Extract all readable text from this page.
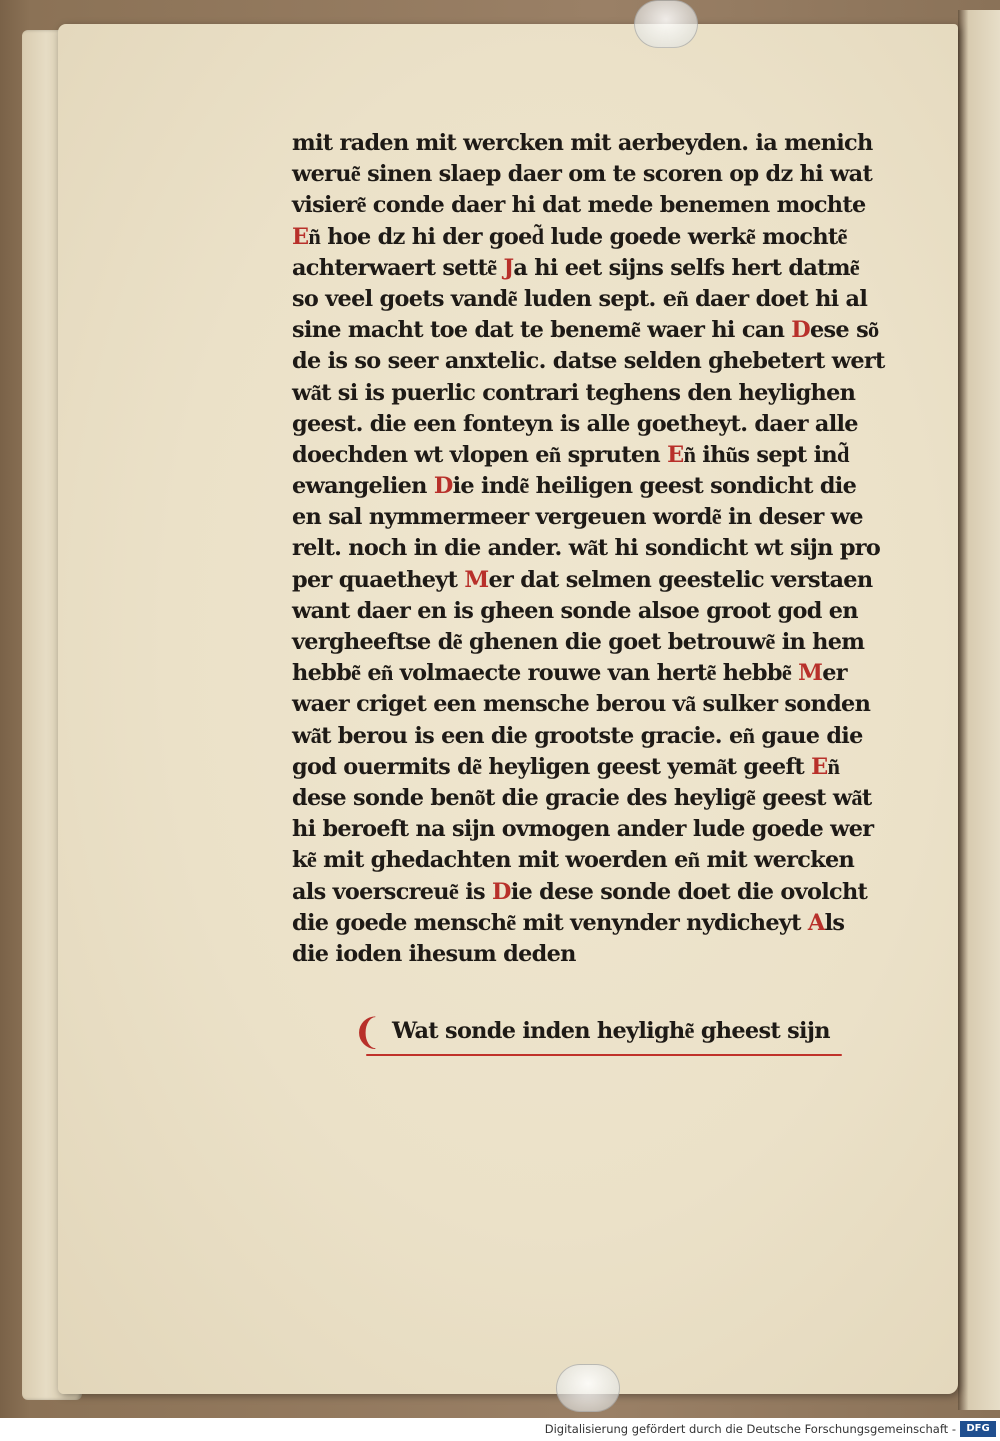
mit raden mit wercken mit aerbeyden. ia menich
werue͂ sinen slaep daer om te scoren op dz hi wat
visiere͂ conde daer hi dat mede benemen mochte
En͂ hoe dz hi der goed͂ lude goede werke͂ mochte͂
achterwaert sette͂ Ja hi eet sijns selfs hert datme͂
so veel goets vande͂ luden sept. en͂ daer doet hi al
sine macht toe dat te beneme͂ waer hi can Dese so͂
de is so seer anxtelic. datse selden ghebetert wert
wa͂t si is puerlic contrari teghens den heylighen
geest. die een fonteyn is alle goetheyt. daer alle
doechden wt vlopen en͂ spruten En͂ ihu͂s sept ind͂
ewangelien Die inde͂ heiligen geest sondicht die
en sal nymmermeer vergeuen worde͂ in deser we
relt. noch in die ander. wa͂t hi sondicht wt sijn pro
per quaetheyt Mer dat selmen geestelic verstaen
want daer en is gheen sonde alsoe groot god en
vergheeftse de͂ ghenen die goet betrouwe͂ in hem
hebbe͂ en͂ volmaecte rouwe van herte͂ hebbe͂ Mer
waer criget een mensche berou va͂ sulker sonden
wa͂t berou is een die grootste gracie. en͂ gaue die
god ouermits de͂ heyligen geest yema͂t geeft En͂
dese sonde beno͂t die gracie des heylige͂ geest wa͂t
hi beroeft na sijn ovmogen ander lude goede wer
ke͂ mit ghedachten mit woerden en͂ mit wercken
als voerscreue͂ is Die dese sonde doet die ovolcht
die goede mensche͂ mit venynder nydicheyt Als
die ioden ihesum deden
❨ Wat sonde inden heylighe͂ gheest sijn
Digitalisierung gefördert durch die Deutsche Forschungsgemeinschaft -	DFG
